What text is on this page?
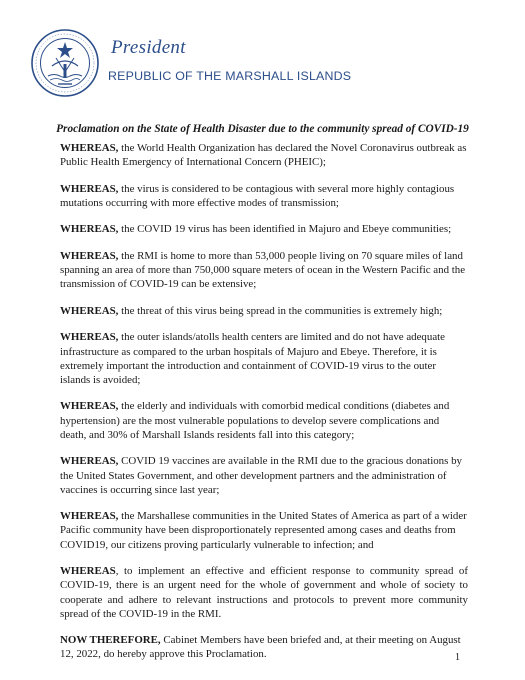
President
REPUBLIC OF THE MARSHALL ISLANDS
Proclamation on the State of Health Disaster due to the community spread of COVID-19

WHEREAS, the World Health Organization has declared the Novel Coronavirus outbreak as Public Health Emergency of International Concern (PHEIC);

WHEREAS, the virus is considered to be contagious with several more highly contagious mutations occurring with more effective modes of transmission;

WHEREAS, the COVID 19 virus has been identified in Majuro and Ebeye communities;

WHEREAS, the RMI is home to more than 53,000 people living on 70 square miles of land spanning an area of more than 750,000 square meters of ocean in the Western Pacific and the transmission of COVID-19 can be extensive;

WHEREAS, the threat of this virus being spread in the communities is extremely high;

WHEREAS, the outer islands/atolls health centers are limited and do not have adequate infrastructure as compared to the urban hospitals of Majuro and Ebeye. Therefore, it is extremely important the introduction and containment of COVID-19 virus to the outer islands is avoided;

WHEREAS, the elderly and individuals with comorbid medical conditions (diabetes and hypertension) are the most vulnerable populations to develop severe complications and death, and 30% of Marshall Islands residents fall into this category;

WHEREAS, COVID 19 vaccines are available in the RMI due to the gracious donations by the United States Government, and other development partners and the administration of vaccines is occurring since last year;

WHEREAS, the Marshallese communities in the United States of America as part of a wider Pacific community have been disproportionately represented among cases and deaths from COVID19, our citizens proving particularly vulnerable to infection; and

WHEREAS, to implement an effective and efficient response to community spread of COVID-19, there is an urgent need for the whole of government and whole of society to cooperate and adhere to relevant instructions and protocols to prevent more community spread of the COVID-19 in the RMI.

NOW THEREFORE, Cabinet Members have been briefed and, at their meeting on August 12, 2022, do hereby approve this Proclamation.	1
